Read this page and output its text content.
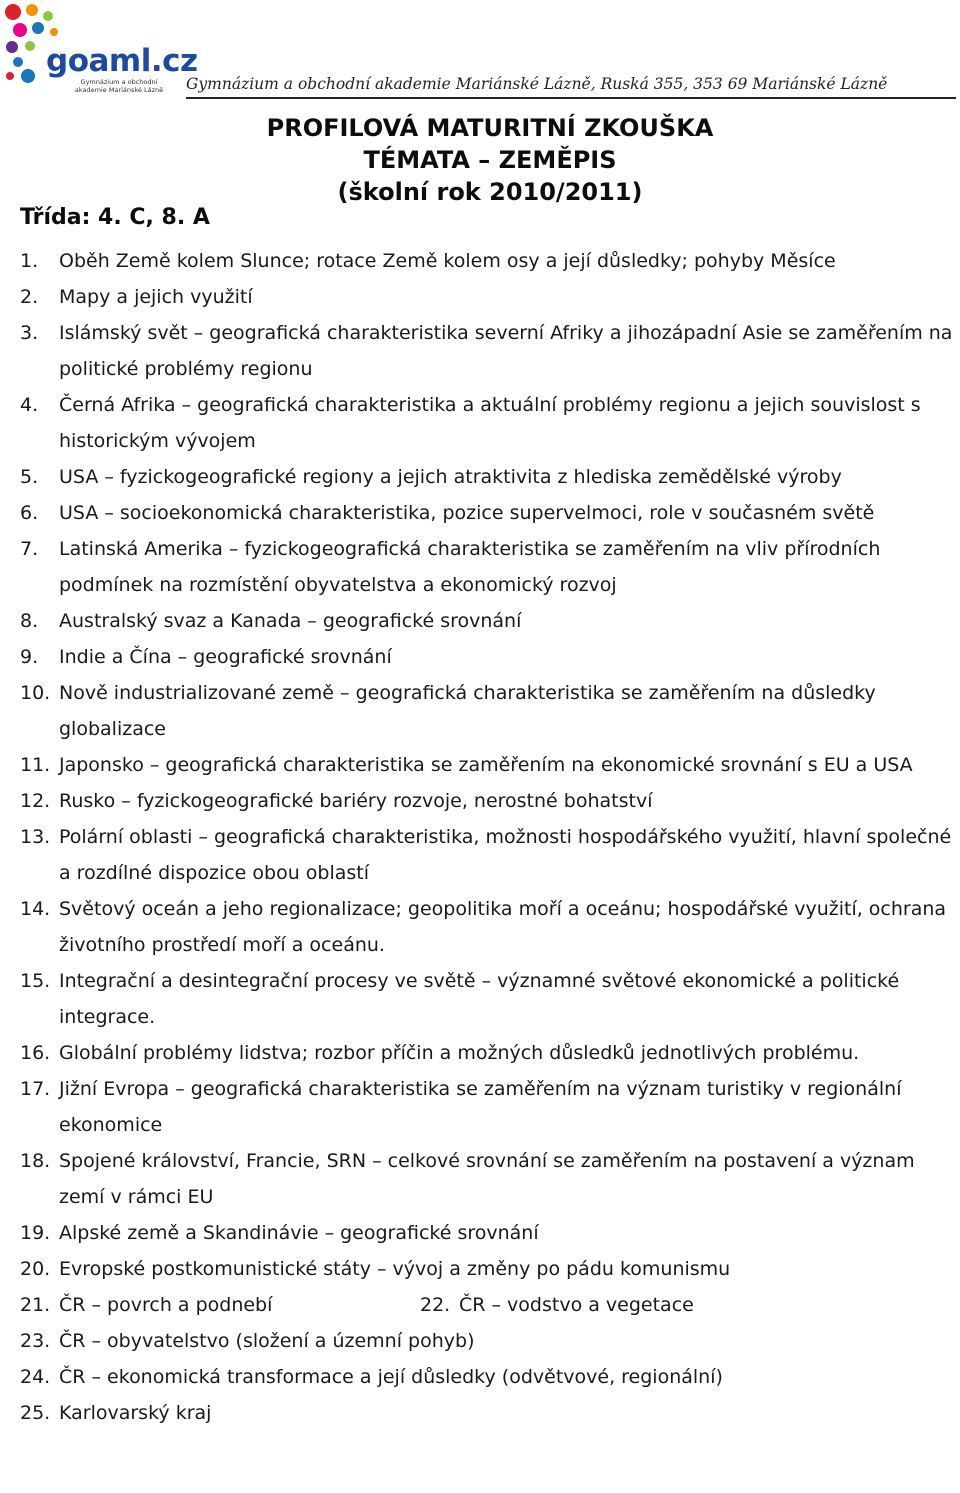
goaml.cz
Gymnázium a obchodní akademie Mariánské Lázně	Gymnázium a obchodní akademie Mariánské Lázně, Ruská 355, 353 69 Mariánské Lázně
PROFILOVÁ MATURITNÍ ZKOUŠKA
TÉMATA – ZEMĚPIS
(školní rok 2010/2011)
Třída: 4. C, 8. A
1.	Oběh Země kolem Slunce; rotace Země kolem osy a její důsledky; pohyby Měsíce
2.	Mapy a jejich využití
3.	Islámský svět – geografická charakteristika severní Afriky a jihozápadní Asie se zaměřením na politické problémy regionu
4.	Černá Afrika – geografická charakteristika a aktuální problémy regionu a jejich souvislost s historickým vývojem
5.	USA – fyzickogeografické regiony a jejich atraktivita z hlediska zemědělské výroby
6.	USA – socioekonomická charakteristika, pozice supervelmoci, role v současném světě
7.	Latinská Amerika – fyzickogeografická charakteristika se zaměřením na vliv přírodních podmínek na rozmístění obyvatelstva a ekonomický rozvoj
8.	Australský svaz a Kanada – geografické srovnání
9.	Indie a Čína – geografické srovnání
10. Nově industrializované země – geografická charakteristika se zaměřením na důsledky globalizace
11. Japonsko – geografická charakteristika se zaměřením na ekonomické srovnání s EU a USA
12. Rusko – fyzickogeografické bariéry rozvoje, nerostné bohatství
13. Polární oblasti – geografická charakteristika, možnosti hospodářského využití, hlavní společné a rozdílné dispozice obou oblastí
14. Světový oceán a jeho regionalizace; geopolitika moří a oceánu; hospodářské využití, ochrana životního prostředí moří a oceánu.
15. Integrační a desintegrační procesy ve světě – významné světové ekonomické a politické integrace.
16. Globální problémy lidstva; rozbor příčin a možných důsledků jednotlivých problému.
17. Jižní Evropa – geografická charakteristika se zaměřením na význam turistiky v regionální ekonomice
18. Spojené království, Francie, SRN – celkové srovnání se zaměřením na postavení a význam zemí v rámci EU
19. Alpské země a Skandinávie – geografické srovnání
20. Evropské postkomunistické státy – vývoj a změny po pádu komunismu
21. ČR – povrch a podnebí	22. ČR – vodstvo a vegetace
23. ČR – obyvatelstvo (složení a územní pohyb)
24. ČR – ekonomická transformace a její důsledky (odvětvové, regionální)
25. Karlovarský kraj
